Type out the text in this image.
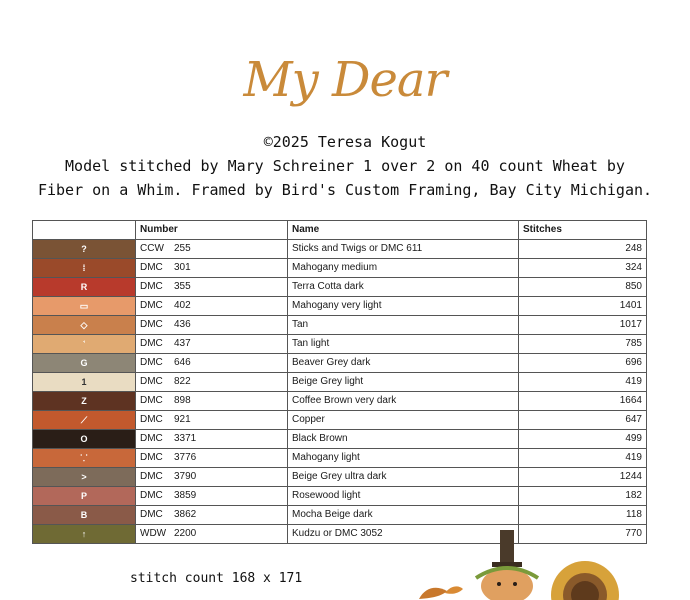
My Dear
©2025 Teresa Kogut
Model stitched by Mary Schreiner 1 over 2 on 40 count Wheat by
Fiber on a Whim. Framed by Bird's Custom Framing, Bay City Michigan.
	Number	Name	Stitches
?	CCW 255	Sticks and Twigs or DMC 611	248
⁞	DMC 301	Mahogany medium	324
R	DMC 355	Terra Cotta dark	850
▭	DMC 402	Mahogany very light	1401
◇	DMC 436	Tan	1017
	DMC 437	Tan light	785
G	DMC 646	Beaver Grey dark	696
1	DMC 822	Beige Grey light	419
Z	DMC 898	Coffee Brown very dark	1664
⟋	DMC 921	Copper	647
O	DMC 3371	Black Brown	499
⸪	DMC 3776	Mahogany light	419
>	DMC 3790	Beige Grey ultra dark	1244
P	DMC 3859	Rosewood light	182
B	DMC 3862	Mocha Beige dark	118
↑	WDW 2200	Kudzu or DMC 3052	770
stitch count 168 x 171
